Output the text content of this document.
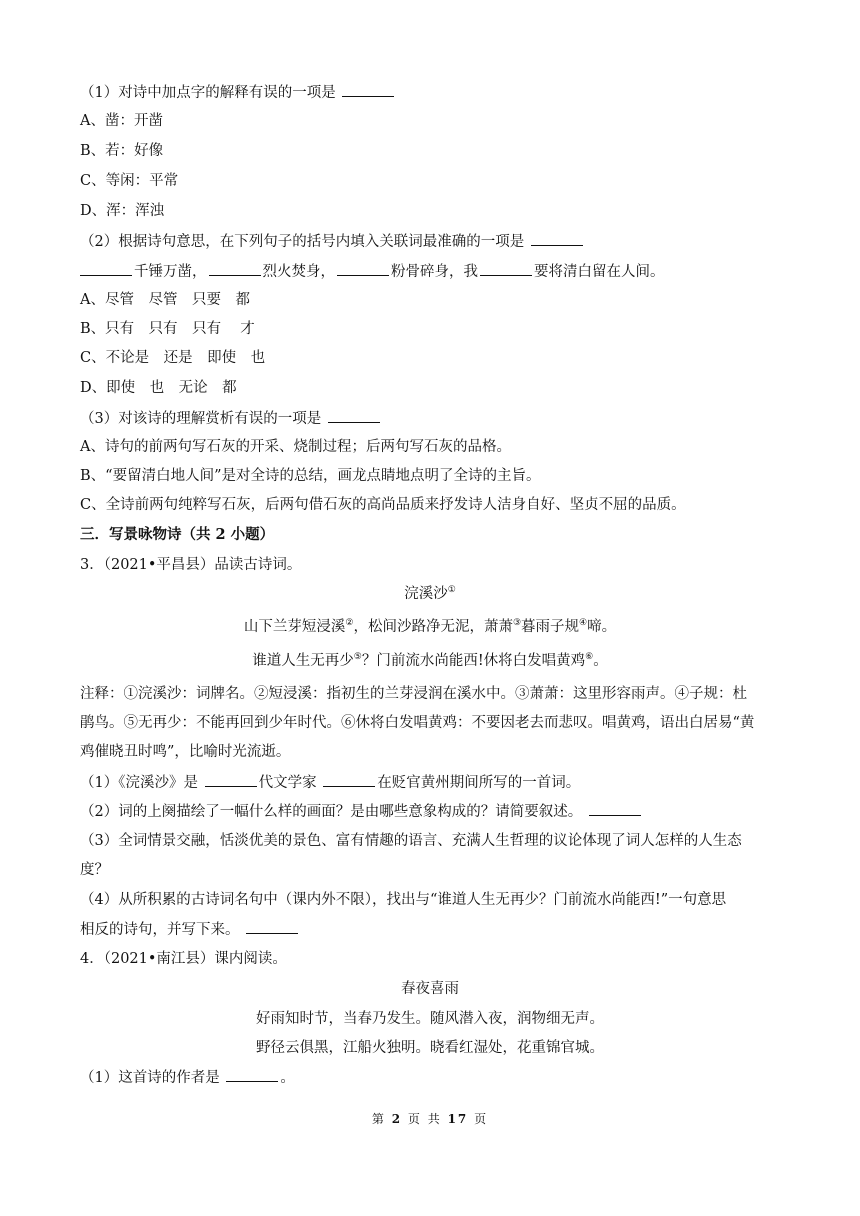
（1）对诗中加点字的解释有误的一项是
A、凿：开凿
B、若：好像
C、等闲：平常
D、浑：浑浊
（2）根据诗句意思，在下列句子的括号内填入关联词最准确的一项是
千锤万凿，	烈火焚身，	粉骨碎身，我	要将清白留在人间。
A、尽管　尽管　只要　都
B、只有　只有　只有　 才
C、不论是　还是　即使　也
D、即使　也　无论　都
（3）对该诗的理解赏析有误的一项是
A、诗句的前两句写石灰的开采、烧制过程；后两句写石灰的品格。
B、“要留清白地人间”是对全诗的总结，画龙点睛地点明了全诗的主旨。
C、全诗前两句纯粹写石灰，后两句借石灰的高尚品质来抒发诗人洁身自好、坚贞不屈的品质。
三．写景咏物诗（共 2 小题）
3．（2021•平昌县）品读古诗词。
浣溪沙①
山下兰芽短浸溪②，松间沙路净无泥，萧萧③暮雨子规④啼。
谁道人生无再少⑤？门前流水尚能西!休将白发唱黄鸡⑥。
注释：①浣溪沙：词牌名。②短浸溪：指初生的兰芽浸润在溪水中。③萧萧：这里形容雨声。④子规：杜
鹃鸟。⑤无再少：不能再回到少年时代。⑥休将白发唱黄鸡：不要因老去而悲叹。唱黄鸡，语出白居易“黄
鸡催晓丑时鸣”，比喻时光流逝。
（1）《浣溪沙》是	代文学家	在贬官黄州期间所写的一首词。
（2）词的上阕描绘了一幅什么样的画面？是由哪些意象构成的？请简要叙述。
（3）全词情景交融，恬淡优美的景色、富有情趣的语言、充满人生哲理的议论体现了词人怎样的人生态
度？
（4）从所积累的古诗词名句中（课内外不限），找出与“谁道人生无再少？门前流水尚能西!”一句意思
相反的诗句，并写下来。
4．（2021•南江县）课内阅读。
春夜喜雨
好雨知时节，当春乃发生。随风潜入夜，润物细无声。
野径云俱黑，江船火独明。晓看红湿处，花重锦官城。
（1）这首诗的作者是	。
第 2 页 共 17 页
